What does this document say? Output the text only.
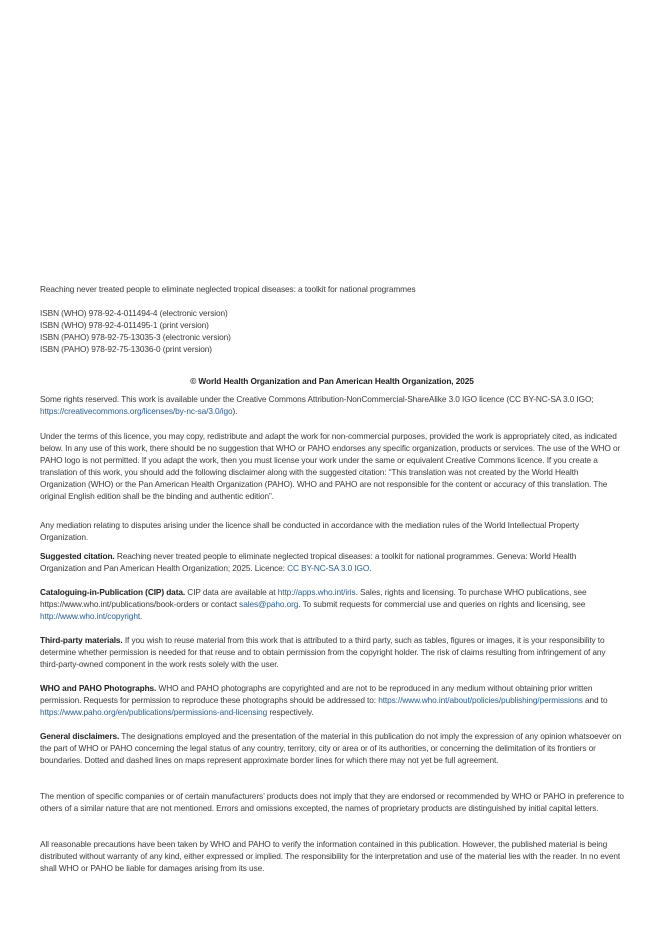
Reaching never treated people to eliminate neglected tropical diseases: a toolkit for national programmes

ISBN (WHO) 978-92-4-011494-4 (electronic version)
ISBN (WHO) 978-92-4-011495-1 (print version)
ISBN (PAHO) 978-92-75-13035-3 (electronic version)
ISBN (PAHO) 978-92-75-13036-0 (print version)

© World Health Organization and Pan American Health Organization, 2025

Some rights reserved. This work is available under the Creative Commons Attribution-NonCommercial-ShareAlike 3.0 IGO licence (CC BY-NC-SA 3.0 IGO; https://creativecommons.org/licenses/by-nc-sa/3.0/igo).

Under the terms of this licence, you may copy, redistribute and adapt the work for non-commercial purposes, provided the work is appropriately cited, as indicated below. In any use of this work, there should be no suggestion that WHO or PAHO endorses any specific organization, products or services. The use of the WHO or PAHO logo is not permitted. If you adapt the work, then you must license your work under the same or equivalent Creative Commons licence. If you create a translation of this work, you should add the following disclaimer along with the suggested citation: “This translation was not created by the World Health Organization (WHO) or the Pan American Health Organization (PAHO). WHO and PAHO are not responsible for the content or accuracy of this translation. The original English edition shall be the binding and authentic edition”.

Any mediation relating to disputes arising under the licence shall be conducted in accordance with the mediation rules of the World Intellectual Property Organization.

Suggested citation. Reaching never treated people to eliminate neglected tropical diseases: a toolkit for national programmes. Geneva: World Health Organization and Pan American Health Organization; 2025. Licence: CC BY-NC-SA 3.0 IGO.

Cataloguing-in-Publication (CIP) data. CIP data are available at http://apps.who.int/iris. Sales, rights and licensing. To purchase WHO publications, see https://www.who.int/publications/book-orders or contact sales@paho.org. To submit requests for commercial use and queries on rights and licensing, see http://www.who.int/copyright.

Third-party materials. If you wish to reuse material from this work that is attributed to a third party, such as tables, figures or images, it is your responsibility to determine whether permission is needed for that reuse and to obtain permission from the copyright holder. The risk of claims resulting from infringement of any third-party-owned component in the work rests solely with the user.

WHO and PAHO Photographs. WHO and PAHO photographs are copyrighted and are not to be reproduced in any medium without obtaining prior written permission. Requests for permission to reproduce these photographs should be addressed to: https://www.who.int/about/policies/publishing/permissions and to https://www.paho.org/en/publications/permissions-and-licensing respectively.

General disclaimers. The designations employed and the presentation of the material in this publication do not imply the expression of any opinion whatsoever on the part of WHO or PAHO concerning the legal status of any country, territory, city or area or of its authorities, or concerning the delimitation of its frontiers or boundaries. Dotted and dashed lines on maps represent approximate border lines for which there may not yet be full agreement.

The mention of specific companies or of certain manufacturers’ products does not imply that they are endorsed or recommended by WHO or PAHO in preference to others of a similar nature that are not mentioned. Errors and omissions excepted, the names of proprietary products are distinguished by initial capital letters.

All reasonable precautions have been taken by WHO and PAHO to verify the information contained in this publication. However, the published material is being distributed without warranty of any kind, either expressed or implied. The responsibility for the interpretation and use of the material lies with the reader. In no event shall WHO or PAHO be liable for damages arising from its use.
